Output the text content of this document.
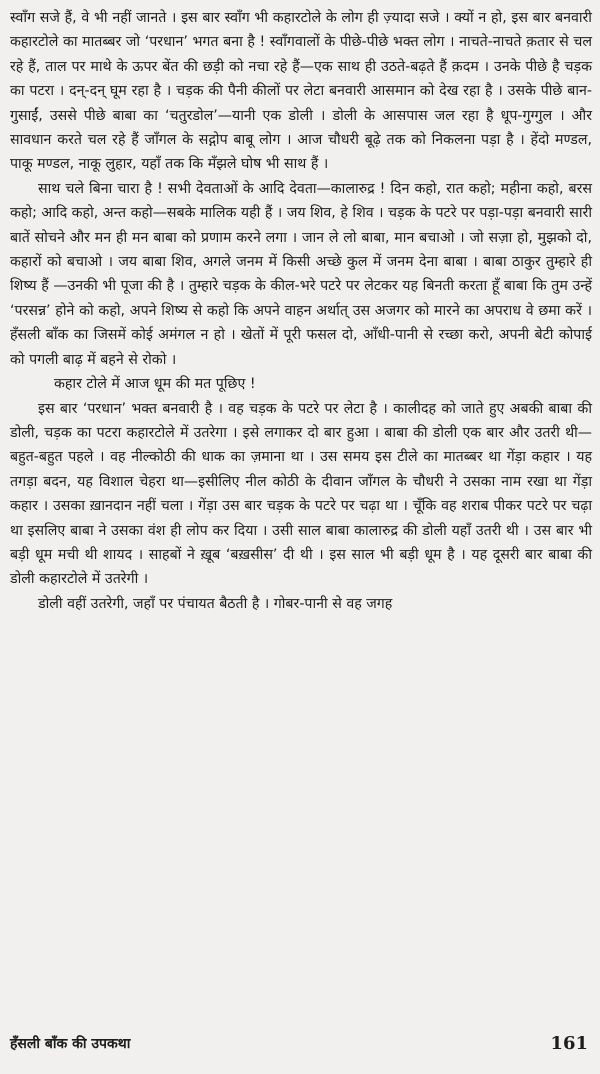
स्वाँग सजे हैं, वे भी नहीं जानते । इस बार स्वाँग भी कहारटोले के लोग ही ज़्यादा सजे । क्यों न हो, इस बार बनवारी कहारटोले का मातब्बर जो ‘परधान’ भगत बना है ! स्वाँगवालों के पीछे-पीछे भक्त लोग । नाचते-नाचते क़तार से चल रहे हैं, ताल पर माथे के ऊपर बेंत की छड़ी को नचा रहे हैं—एक साथ ही उठते-बढ़ते हैं क़दम । उनके पीछे है चड़क का पटरा । दन्-दन् घूम रहा है । चड़क की पैनी कीलों पर लेटा बनवारी आसमान को देख रहा है । उसके पीछे बान-गुसाईं, उससे पीछे बाबा का ‘चतुरडोल’—यानी एक डोली । डोली के आसपास जल रहा है धूप-गुग्गुल । और सावधान करते चल रहे हैं जाँगल के सद्गोप बाबू लोग । आज चौधरी बूढ़े तक को निकलना पड़ा है । हेंदो मण्डल, पाकू मण्डल, नाकू लुहार, यहाँ तक कि मँझले घोष भी साथ हैं ।

साथ चले बिना चारा है ! सभी देवताओं के आदि देवता—कालारुद्र ! दिन कहो, रात कहो; महीना कहो, बरस कहो; आदि कहो, अन्त कहो—सबके मालिक यही हैं । जय शिव, हे शिव । चड़क के पटरे पर पड़ा-पड़ा बनवारी सारी बातें सोचने और मन ही मन बाबा को प्रणाम करने लगा । जान ले लो बाबा, मान बचाओ । जो सज़ा हो, मुझको दो, कहारों को बचाओ । जय बाबा शिव, अगले जनम में किसी अच्छे कुल में जनम देना बाबा । बाबा ठाकुर तुम्हारे ही शिष्य हैं —उनकी भी पूजा की है । तुम्हारे चड़क के कील-भरे पटरे पर लेटकर यह बिनती करता हूँ बाबा कि तुम उन्हें ‘परसन्न’ होने को कहो, अपने शिष्य से कहो कि अपने वाहन अर्थात् उस अजगर को मारने का अपराध वे छमा करें । हँसली बाँक का जिसमें कोई अमंगल न हो । खेतों में पूरी फसल दो, आँधी-पानी से रच्छा करो, अपनी बेटी कोपाई को पगली बाढ़ में बहने से रोको ।

कहार टोले में आज धूम की मत पूछिए !

इस बार ‘परधान’ भक्त बनवारी है । वह चड़क के पटरे पर लेटा है । कालीदह को जाते हुए अबकी बाबा की डोली, चड़क का पटरा कहारटोले में उतरेगा । इसे लगाकर दो बार हुआ । बाबा की डोली एक बार और उतरी थी—बहुत-बहुत पहले । वह नील्कोठी की धाक का ज़माना था । उस समय इस टीले का मातब्बर था गेंड़ा कहार । यह तगड़ा बदन, यह विशाल चेहरा था—इसीलिए नील कोठी के दीवान जाँगल के चौधरी ने उसका नाम रखा था गेंड़ा कहार । उसका ख़ानदान नहीं चला । गेंड़ा उस बार चड़क के पटरे पर चढ़ा था । चूँकि वह शराब पीकर पटरे पर चढ़ा था इसलिए बाबा ने उसका वंश ही लोप कर दिया । उसी साल बाबा कालारुद्र की डोली यहाँ उतरी थी । उस बार भी बड़ी धूम मची थी शायद । साहबों ने ख़ूब ‘बख़सीस’ दी थी । इस साल भी बड़ी धूम है । यह दूसरी बार बाबा की डोली कहारटोले में उतरेगी ।

डोली वहीं उतरेगी, जहाँ पर पंचायत बैठती है । गोबर-पानी से वह जगह

हँसली बाँक की उपकथा	161
